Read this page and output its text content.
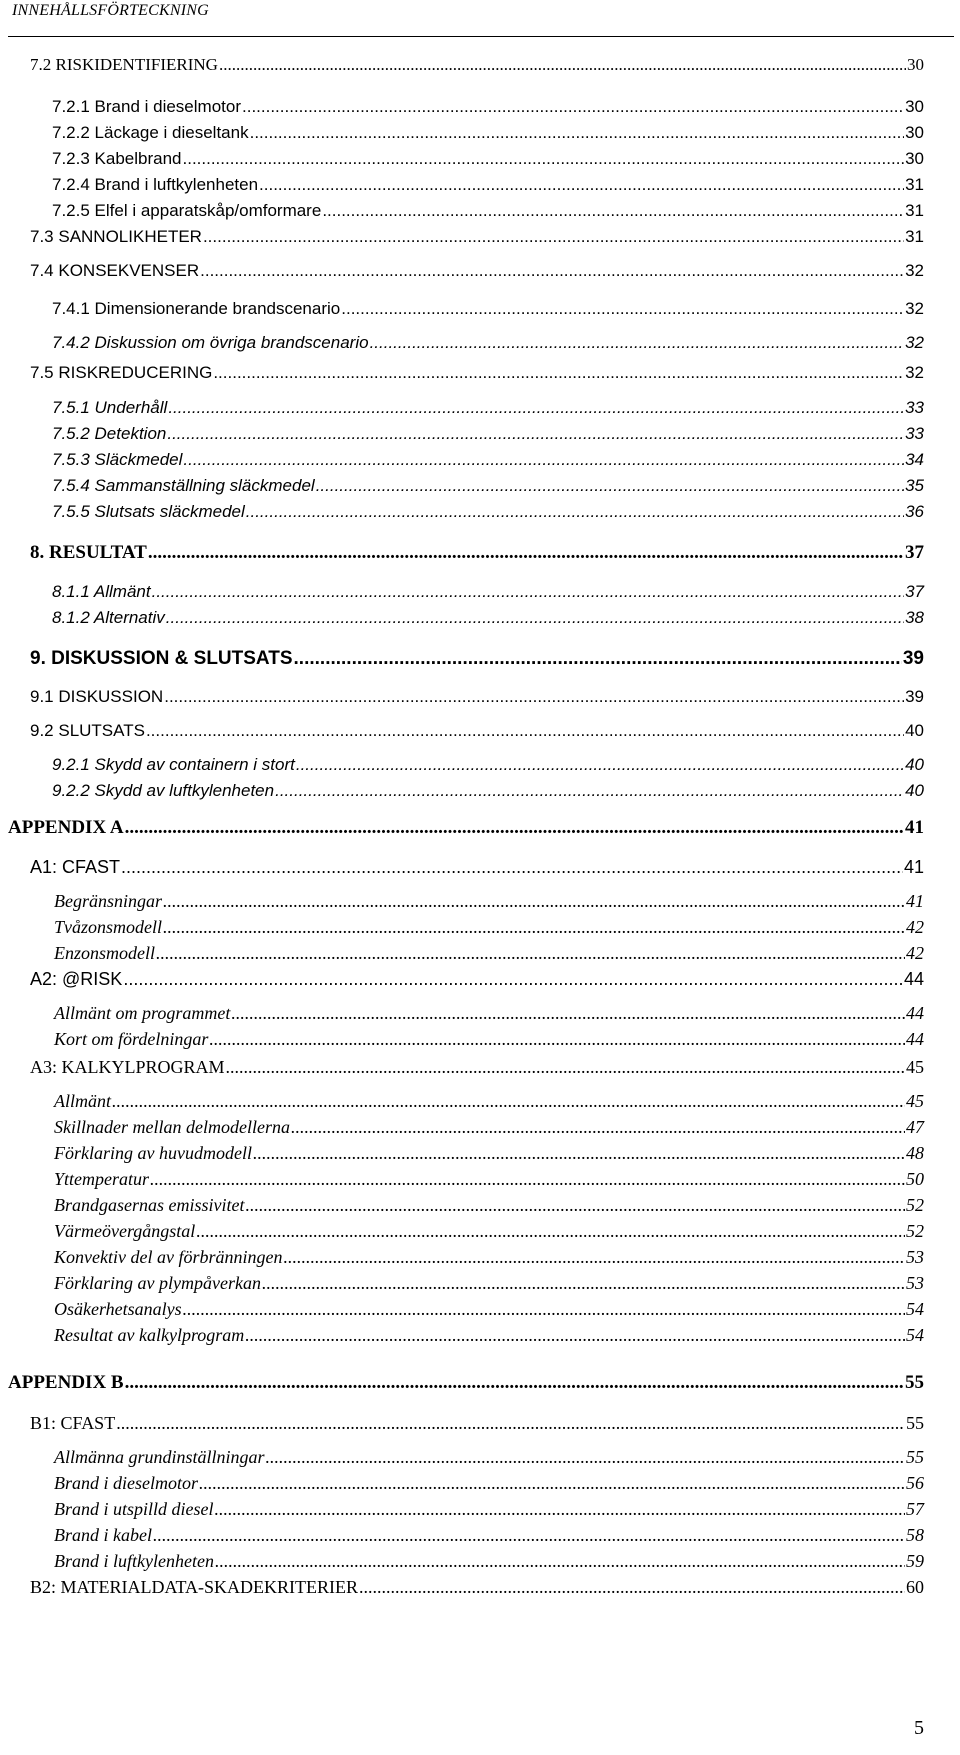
INNEHÅLLSFÖRTECKNING
7.2 RISKIDENTIFIERING .....	30
7.2.1 Brand i dieselmotor .....	30
7.2.2 Läckage i dieseltank .....	30
7.2.3 Kabelbrand .....	30
7.2.4 Brand i luftkylenheten .....	31
7.2.5 Elfel i apparatskåp/omformare .....	31
7.3 SANNOLIKHETER .....	31
7.4 KONSEKVENSER .....	32
7.4.1 Dimensionerande brandscenario .....	32
7.4.2 Diskussion om övriga brandscenario .....	32
7.5 RISKREDUCERING .....	32
7.5.1 Underhåll .....	33
7.5.2 Detektion .....	33
7.5.3 Släckmedel .....	34
7.5.4 Sammanställning släckmedel .....	35
7.5.5 Slutsats släckmedel .....	36
8. RESULTAT .....	37
8.1.1 Allmänt .....	37
8.1.2 Alternativ .....	38
9. DISKUSSION & SLUTSATS .....	39
9.1 DISKUSSION .....	39
9.2 SLUTSATS .....	40
9.2.1 Skydd av containern i stort .....	40
9.2.2 Skydd av luftkylenheten .....	40
APPENDIX A .....	41
A1: CFAST .....	41
Begränsningar .....	41
Tvåzonsmodell .....	42
Enzonsmodell .....	42
A2: @RISK .....	44
Allmänt om programmet .....	44
Kort om fördelningar .....	44
A3: KALKYLPROGRAM .....	45
Allmänt .....	45
Skillnader mellan delmodellerna .....	47
Förklaring av huvudmodell .....	48
Yttemperatur .....	50
Brandgasernas emissivitet .....	52
Värmeövergångstal .....	52
Konvektiv del av förbränningen .....	53
Förklaring av plympåverkan .....	53
Osäkerhetsanalys .....	54
Resultat av kalkylprogram .....	54
APPENDIX B .....	55
B1: CFAST .....	55
Allmänna grundinställningar .....	55
Brand i dieselmotor .....	56
Brand i utspilld diesel .....	57
Brand i kabel .....	58
Brand i luftkylenheten .....	59
B2: MATERIALDATA-SKADEKRITERIER .....	60
5
